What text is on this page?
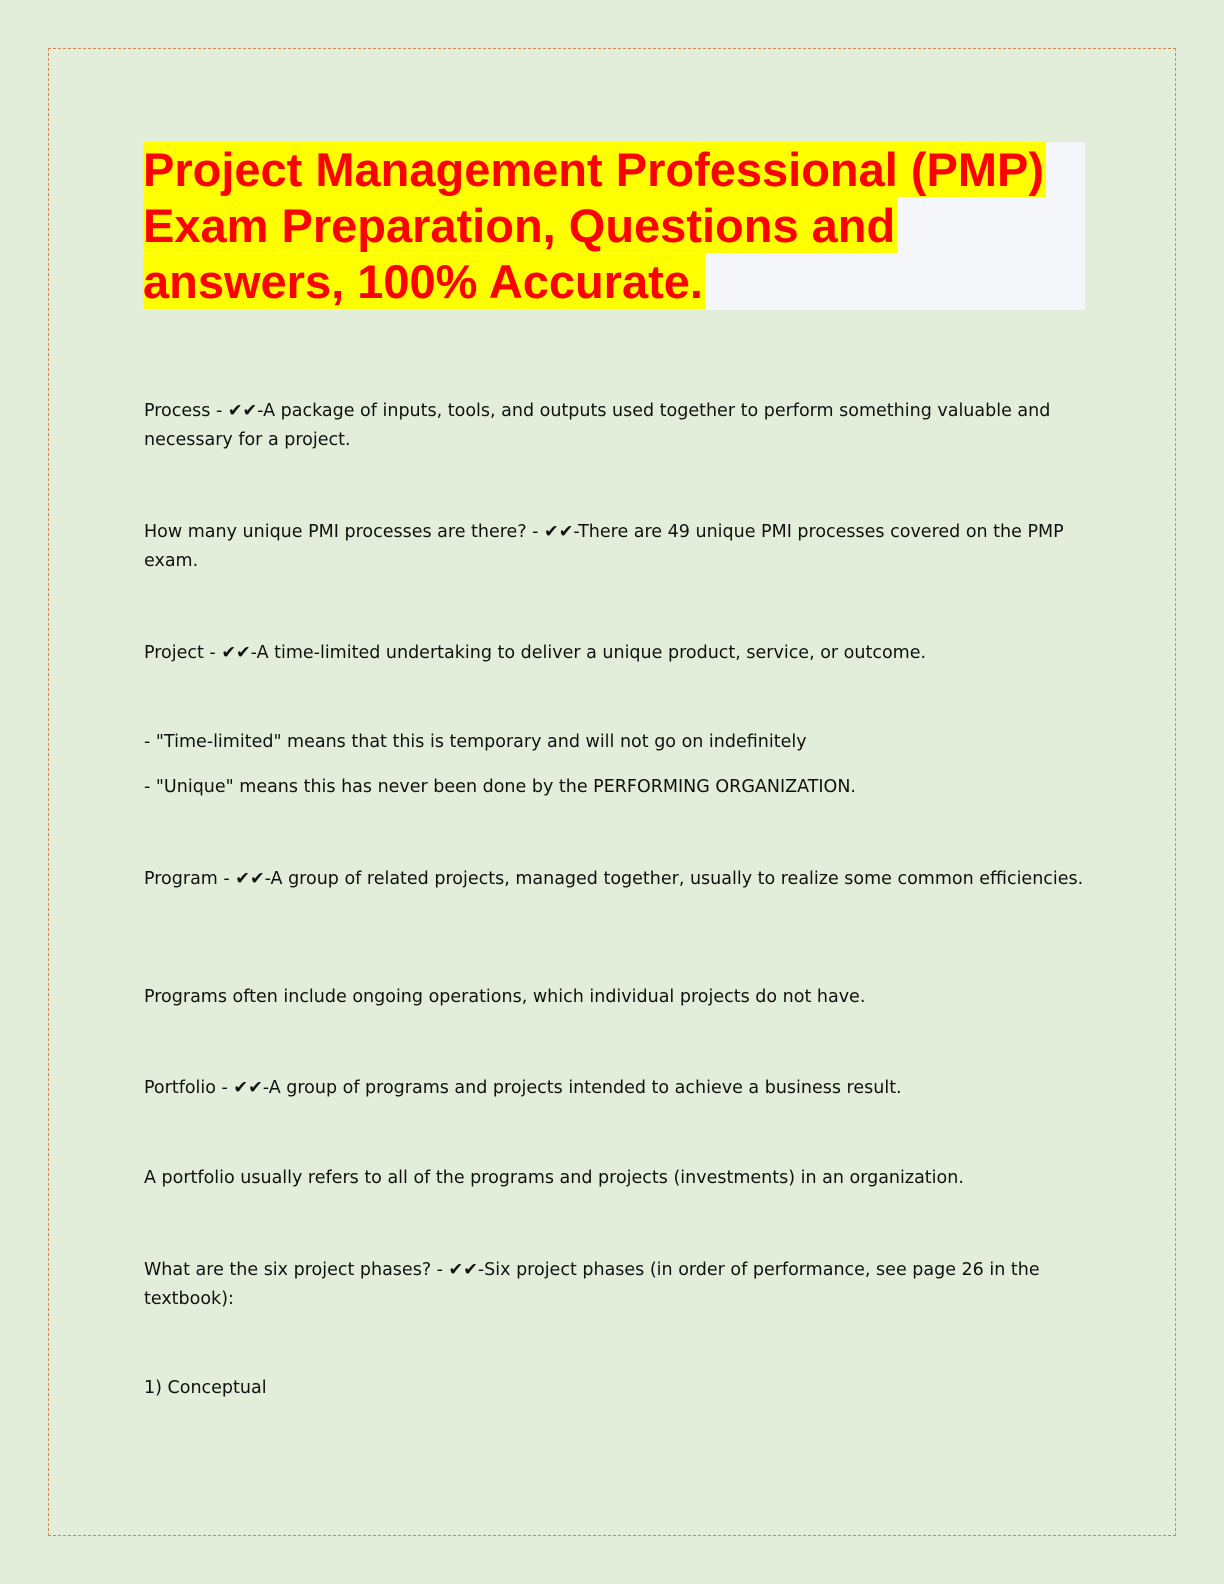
Project Management Professional (PMP)
Exam Preparation, Questions and
answers, 100% Accurate.

Process - ✔✔-A package of inputs, tools, and outputs used together to perform something valuable and necessary for a project.

How many unique PMI processes are there? - ✔✔-There are 49 unique PMI processes covered on the PMP exam.

Project - ✔✔-A time-limited undertaking to deliver a unique product, service, or outcome.

- "Time-limited" means that this is temporary and will not go on indefinitely

- "Unique" means this has never been done by the PERFORMING ORGANIZATION.

Program - ✔✔-A group of related projects, managed together, usually to realize some common efficiencies.

Programs often include ongoing operations, which individual projects do not have.

Portfolio - ✔✔-A group of programs and projects intended to achieve a business result.

A portfolio usually refers to all of the programs and projects (investments) in an organization.

What are the six project phases? - ✔✔-Six project phases (in order of performance, see page 26 in the textbook):

1) Conceptual
